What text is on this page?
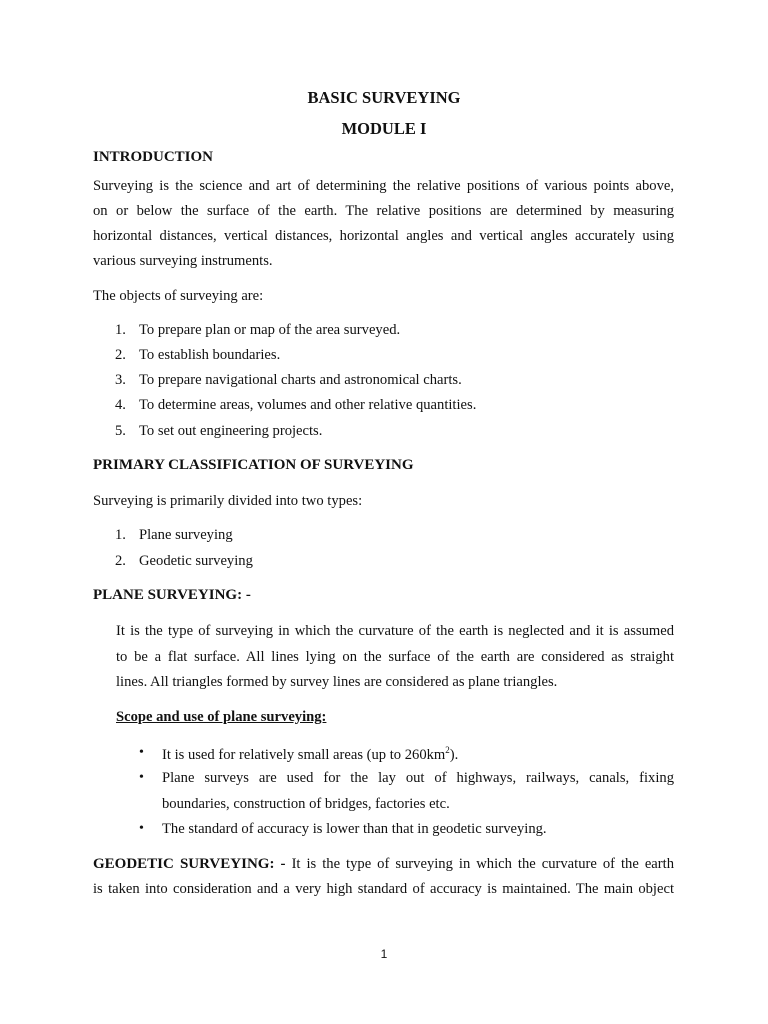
BASIC SURVEYING
MODULE I
INTRODUCTION
Surveying is the science and art of determining the relative positions of various points above,
on or below the surface of the earth. The relative positions are determined by measuring
horizontal distances, vertical distances, horizontal angles and vertical angles accurately using
various surveying instruments.
The objects of surveying are:
1. To prepare plan or map of the area surveyed.
2. To establish boundaries.
3. To prepare navigational charts and astronomical charts.
4. To determine areas, volumes and other relative quantities.
5. To set out engineering projects.
PRIMARY CLASSIFICATION OF SURVEYING
Surveying is primarily divided into two types:
1. Plane surveying
2. Geodetic surveying
PLANE SURVEYING: -
It is the type of surveying in which the curvature of the earth is neglected and it is assumed
to be a flat surface. All lines lying on the surface of the earth are considered as straight
lines. All triangles formed by survey lines are considered as plane triangles.
Scope and use of plane surveying:
• It is used for relatively small areas (up to $260km^2$).
• Plane surveys are used for the lay out of highways, railways, canals, fixing
boundaries, construction of bridges, factories etc.
• The standard of accuracy is lower than that in geodetic surveying.
GEODETIC SURVEYING: - It is the type of surveying in which the curvature of the earth
is taken into consideration and a very high standard of accuracy is maintained. The main object
1
